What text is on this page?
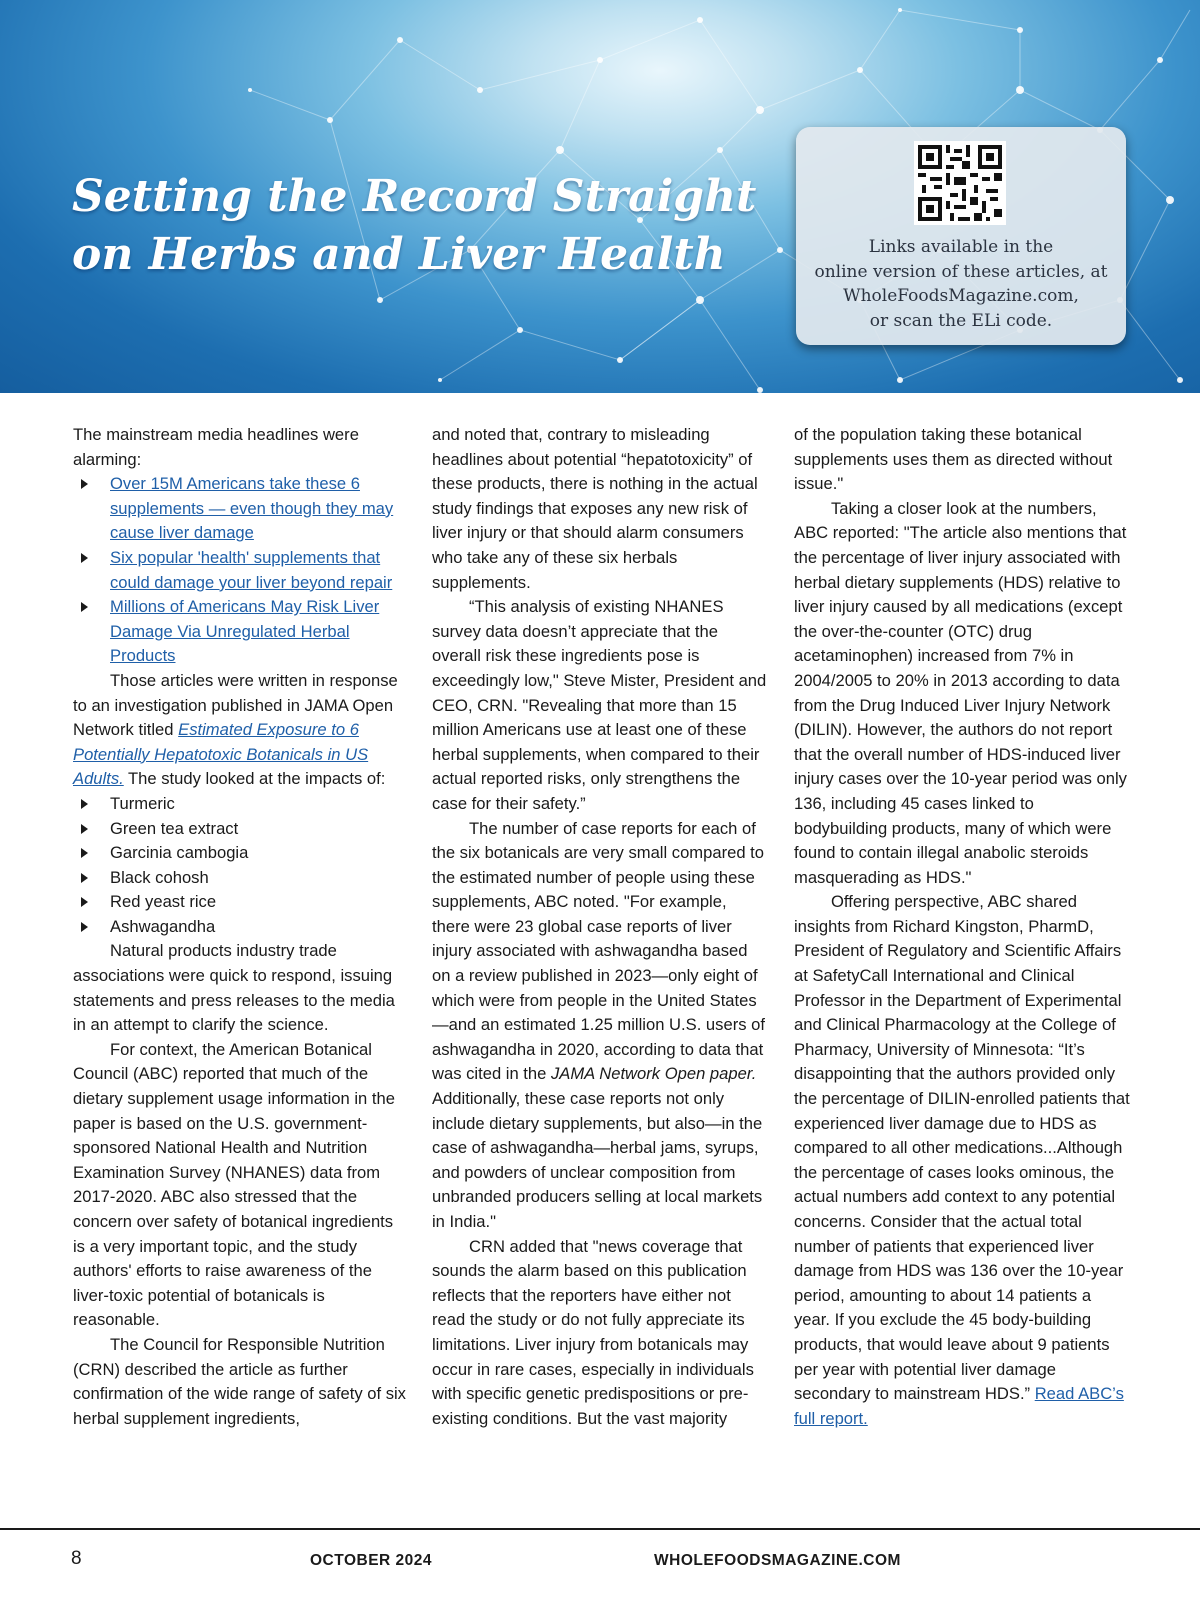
Setting the Record Straight
on Herbs and Liver Health	Links available in the
online version of these articles, at
WholeFoodsMagazine.com,
or scan the ELi code.

The mainstream media headlines were alarming:

Over 15M Americans take these 6 supplements — even though they may cause liver damage
Six popular 'health' supplements that could damage your liver beyond repair
Millions of Americans May Risk Liver Damage Via Unregulated Herbal Products

Those articles were written in response to an investigation published in JAMA Open Network titled Estimated Exposure to 6 Potentially Hepatotoxic Botanicals in US Adults. The study looked at the impacts of:

Turmeric
Green tea extract
Garcinia cambogia
Black cohosh
Red yeast rice
Ashwagandha

Natural products industry trade associations were quick to respond, issuing statements and press releases to the media in an attempt to clarify the science.

For context, the American Botanical Council (ABC) reported that much of the dietary supplement usage information in the paper is based on the U.S. government-sponsored National Health and Nutrition Examination Survey (NHANES) data from 2017-2020. ABC also stressed that the concern over safety of botanical ingredients is a very important topic, and the study authors' efforts to raise awareness of the liver-toxic potential of botanicals is reasonable.

The Council for Responsible Nutrition (CRN) described the article as further confirmation of the wide range of safety of six herbal supplement ingredients,

and noted that, contrary to misleading headlines about potential “hepatotoxicity” of these products, there is nothing in the actual study findings that exposes any new risk of liver injury or that should alarm consumers who take any of these six herbals supplements.

“This analysis of existing NHANES survey data doesn’t appreciate that the overall risk these ingredients pose is exceedingly low," Steve Mister, President and CEO, CRN. "Revealing that more than 15 million Americans use at least one of these herbal supplements, when compared to their actual reported risks, only strengthens the case for their safety.”

The number of case reports for each of the six botanicals are very small compared to the estimated number of people using these supplements, ABC noted. "For example, there were 23 global case reports of liver injury associated with ashwagandha based on a review published in 2023—only eight of which were from people in the United States—and an estimated 1.25 million U.S. users of ashwagandha in 2020, according to data that was cited in the JAMA Network Open paper. Additionally, these case reports not only include dietary supplements, but also—in the case of ashwagandha—herbal jams, syrups, and powders of unclear composition from unbranded producers selling at local markets in India."

CRN added that "news coverage that sounds the alarm based on this publication reflects that the reporters have either not read the study or do not fully appreciate its limitations. Liver injury from botanicals may occur in rare cases, especially in individuals with specific genetic predispositions or pre-existing conditions. But the vast majority

of the population taking these botanical supplements uses them as directed without issue."

Taking a closer look at the numbers, ABC reported: "The article also mentions that the percentage of liver injury associated with herbal dietary supplements (HDS) relative to liver injury caused by all medications (except the over-the-counter (OTC) drug acetaminophen) increased from 7% in 2004/2005 to 20% in 2013 according to data from the Drug Induced Liver Injury Network (DILIN). However, the authors do not report that the overall number of HDS-induced liver injury cases over the 10-year period was only 136, including 45 cases linked to bodybuilding products, many of which were found to contain illegal anabolic steroids masquerading as HDS."

Offering perspective, ABC shared insights from Richard Kingston, PharmD, President of Regulatory and Scientific Affairs at SafetyCall International and Clinical Professor in the Department of Experimental and Clinical Pharmacology at the College of Pharmacy, University of Minnesota: “It’s disappointing that the authors provided only the percentage of DILIN-enrolled patients that experienced liver damage due to HDS as compared to all other medications...Although the percentage of cases looks ominous, the actual numbers add context to any potential concerns. Consider that the actual total number of patients that experienced liver damage from HDS was 136 over the 10-year period, amounting to about 14 patients a year. If you exclude the 45 body-building products, that would leave about 9 patients per year with potential liver damage secondary to mainstream HDS.” Read ABC’s full report.

8	OCTOBER 2024	WHOLEFOODSMAGAZINE.COM
